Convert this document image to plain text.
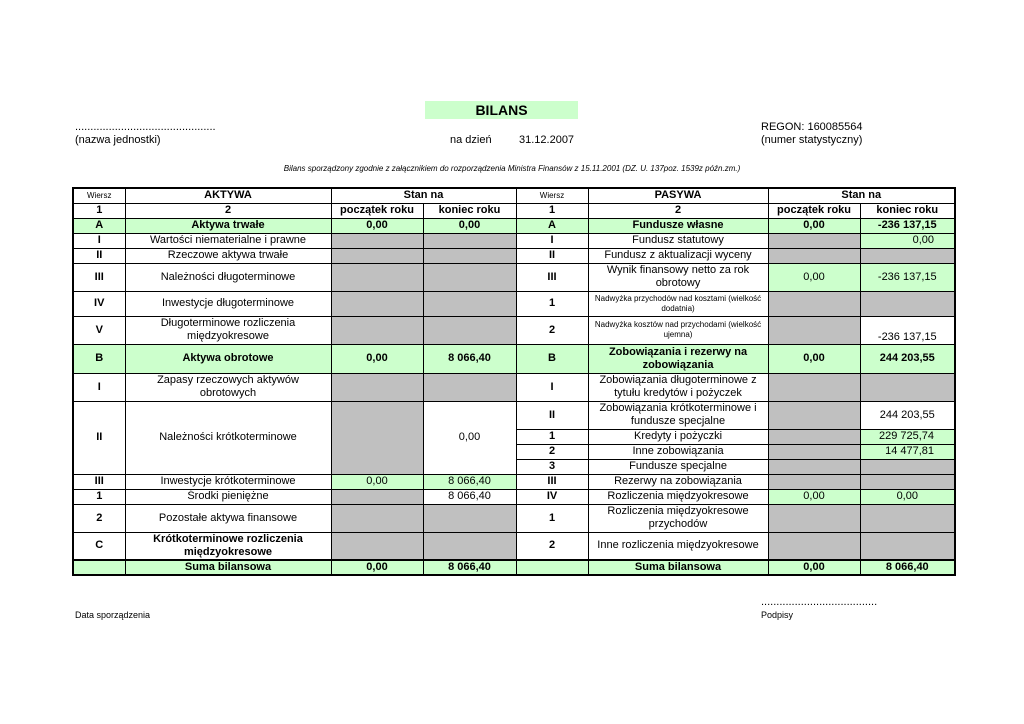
BILANS
..............................................
(nazwa jednostki)	na dzień 31.12.2007
REGON: 160085564
(numer statystyczny)
Bilans sporządzony zgodnie z załącznikiem do rozporządzenia Ministra Finansów z 15.11.2001 (DZ. U. 137poz. 1539z późn.zm.)
Wiersz	AKTYWA	Stan na		Wiersz	PASYWA	Stan na	
1	2	początek roku	koniec roku	1	2	początek roku	koniec roku
A	Aktywa trwałe	0,00	0,00	A	Fundusze własne	0,00	-236 137,15
I	Wartości niematerialne i prawne			I	Fundusz statutowy		0,00
II	Rzeczowe aktywa trwałe			II	Fundusz z aktualizacji wyceny		
III	Należności długoterminowe			III	Wynik finansowy netto za rok obrotowy	0,00	-236 137,15
IV	Inwestycje długoterminowe			1	Nadwyżka przychodów nad kosztami (wielkość dodatnia)		
V	Długoterminowe rozliczenia międzyokresowe			2	Nadwyżka kosztów nad przychodami (wielkość ujemna)		-236 137,15
B	Aktywa obrotowe	0,00	8 066,40	B	Zobowiązania i rezerwy na zobowiązania	0,00	244 203,55
I	Zapasy rzeczowych aktywów obrotowych			I	Zobowiązania długoterminowe z tytułu kredytów i pożyczek		
II	Należności krótkoterminowe		0,00	II	Zobowiązania krótkoterminowe i fundusze specjalne		244 203,55
				1	Kredyty i pożyczki		229 725,74
				2	Inne zobowiązania		14 477,81
				3	Fundusze specjalne		
III	Inwestycje krótkoterminowe	0,00	8 066,40	III	Rezerwy na zobowiązania		
1	Środki pieniężne		8 066,40	IV	Rozliczenia międzyokresowe	0,00	0,00
2	Pozostałe aktywa finansowe			1	Rozliczenia międzyokresowe przychodów		
C	Krótkoterminowe rozliczenia międzyokresowe			2	Inne rozliczenia międzyokresowe		
	Suma bilansowa	0,00	8 066,40		Suma bilansowa	0,00	8 066,40
Data sporządzenia
......................................
Podpisy
